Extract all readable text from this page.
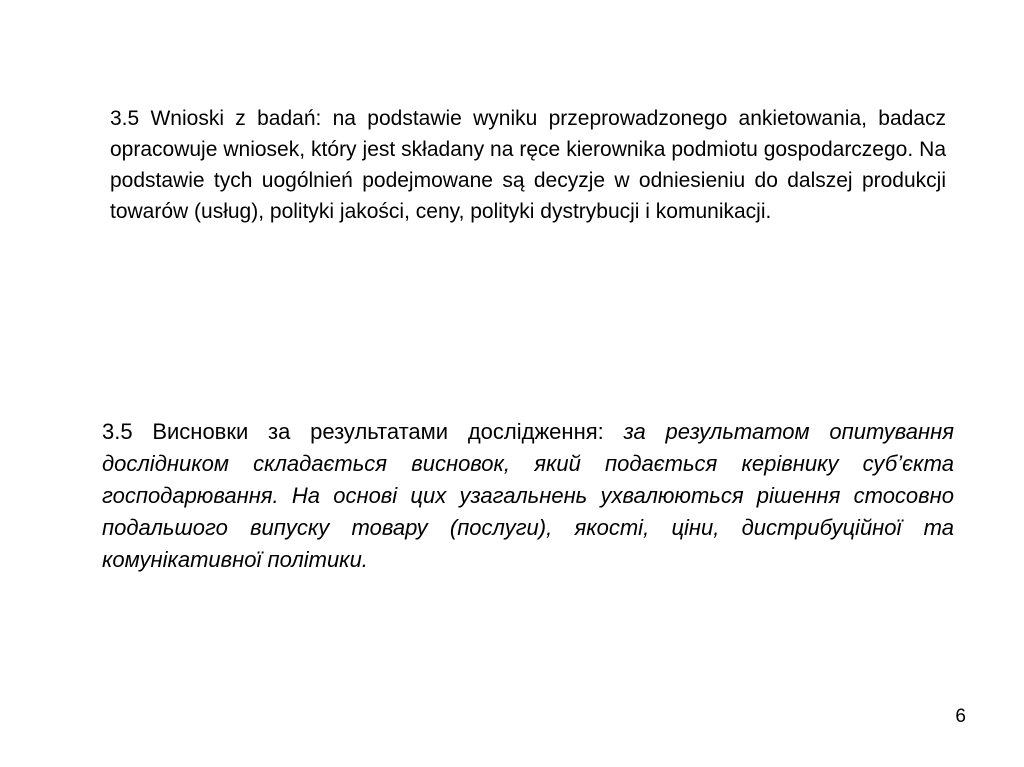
3.5 Wnioski z badań: na podstawie wyniku przeprowadzonego ankietowania, badacz opracowuje wniosek, który jest składany na ręce kierownika podmiotu gospodarczego. Na podstawie tych uogólnień podejmowane są decyzje w odniesieniu do dalszej produkcji towarów (usług), polityki jakości, ceny, polityki dystrybucji i komunikacji.

3.5 Висновки за результатами дослідження: за результатом опитування дослідником складається висновок, який подається керівнику суб’єкта господарювання. На основі цих узагальнень ухвалюються рішення стосовно подальшого випуску товару (послуги), якості, ціни, дистрибуційної та комунікативної політики.

6
